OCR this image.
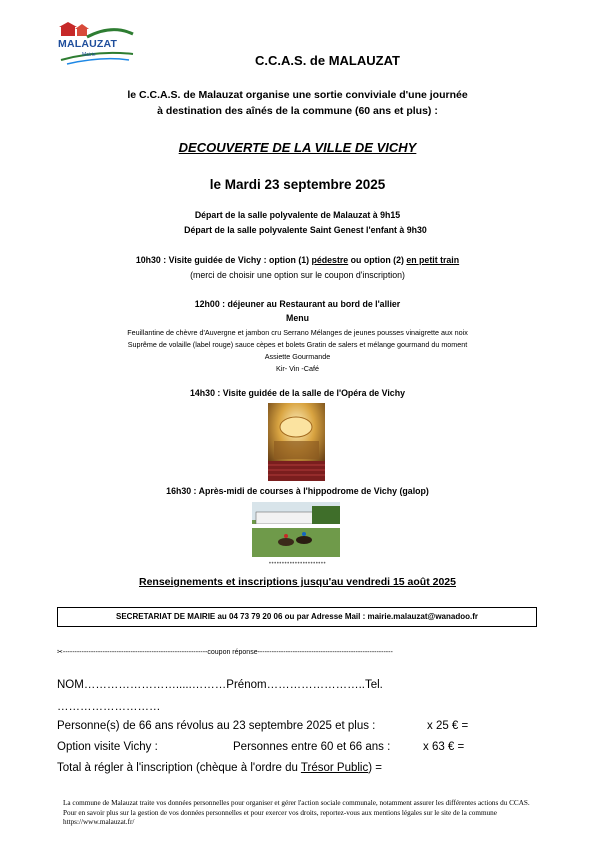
MALAUZAT
Mairie	C.C.A.S. de MALAUZAT
le C.C.A.S. de Malauzat organise une sortie conviviale d'une journée
à destination des aînés de la commune (60 ans et plus) :
DECOUVERTE DE LA VILLE DE VICHY
le Mardi 23 septembre 2025
Départ de la salle polyvalente de Malauzat à 9h15
Départ de la salle polyvalente Saint Genest l'enfant à 9h30
10h30 : Visite guidée de Vichy : option (1) pédestre ou option (2) en petit train
(merci de choisir une option sur le coupon d'inscription)
12h00 : déjeuner au Restaurant au bord de l'allier
Menu
Feuillantine de chèvre d'Auvergne et jambon cru Serrano Mélanges de jeunes pousses vinaigrette aux noix
Suprême de volaille (label rouge) sauce cèpes et bolets Gratin de salers et mélange gourmand du moment
Assiette Gourmande
Kir- Vin -Café
14h30 : Visite guidée de la salle de l'Opéra de Vichy
16h30 : Après-midi de courses à l'hippodrome de Vichy (galop)
••••••••••••••••••••••
Renseignements et inscriptions jusqu'au vendredi 15 août 2025
SECRETARIAT DE MAIRIE au 04 73 79 20 06 ou par Adresse Mail : mairie.malauzat@wanadoo.fr
✂--------------------------------------------------------------coupon réponse----------------------------------------------------------
NOM…………………….....………Prénom……………………..Tel.
………………………
Personne(s) de 66 ans révolus au 23 septembre 2025 et plus :	x 25 € =
Option visite Vichy :	Personnes entre 60 et 66 ans :	x 63 € =
Total à régler à l'inscription (chèque à l'ordre du Trésor Public) =
La commune de Malauzat traite vos données personnelles pour organiser et gérer l'action sociale communale, notamment assurer les différentes actions du CCAS. Pour en savoir plus sur la gestion de vos données personnelles et pour exercer vos droits, reportez-vous aux mentions légales sur le site de la commune https://www.malauzat.fr/
